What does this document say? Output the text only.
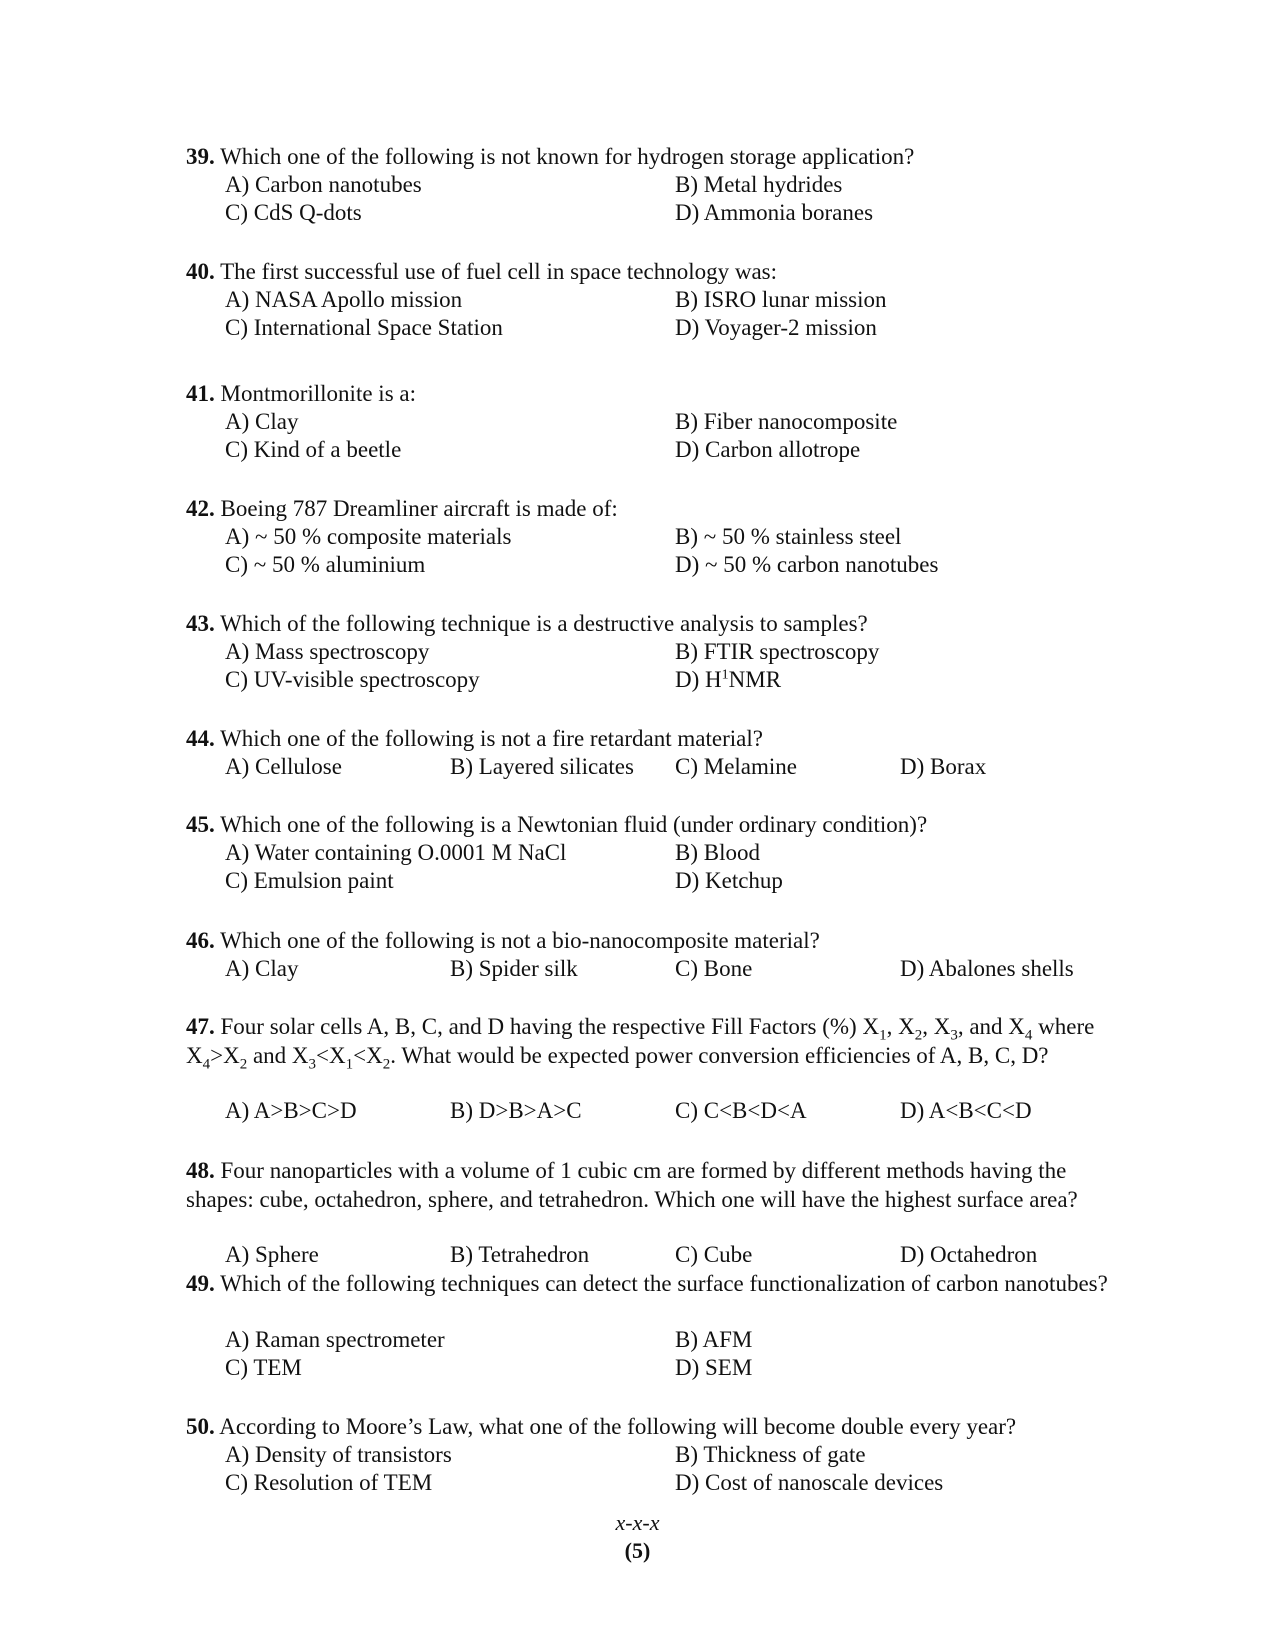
39. Which one of the following is not known for hydrogen storage application?
A) Carbon nanotubes	B) Metal hydrides
C) CdS Q-dots	D) Ammonia boranes
40. The first successful use of fuel cell in space technology was:
A) NASA Apollo mission	B) ISRO lunar mission
C) International Space Station	D) Voyager-2 mission
41. Montmorillonite is a:
A) Clay	B) Fiber nanocomposite
C) Kind of a beetle	D) Carbon allotrope
42. Boeing 787 Dreamliner aircraft is made of:
A) ~ 50 % composite materials	B) ~ 50 % stainless steel
C) ~ 50 % aluminium	D) ~ 50 % carbon nanotubes
43. Which of the following technique is a destructive analysis to samples?
A) Mass spectroscopy	B) FTIR spectroscopy
C) UV-visible spectroscopy	D) $H^1NMR$
44. Which one of the following is not a fire retardant material?
A) Cellulose	B) Layered silicates C) Melamine	D) Borax
45. Which one of the following is a Newtonian fluid (under ordinary condition)?
A) Water containing O.0001 M NaCl	B) Blood
C) Emulsion paint	D) Ketchup
46. Which one of the following is not a bio-nanocomposite material?
A) Clay	B) Spider silk	C) Bone	D) Abalones shells
47. Four solar cells A, B, C, and D having the respective Fill Factors (%) $X_1$, $X_2$, $X_3$, and $X_4$ where $X_4>X_2$ and $X_3<X_1<X_2$. What would be expected power conversion efficiencies of A, B, C, D?
A) A>B>C>D	B) D>B>A>C	C) C<B<D<A	D) A<B<C<D
48. Four nanoparticles with a volume of 1 cubic cm are formed by different methods having the shapes: cube, octahedron, sphere, and tetrahedron. Which one will have the highest surface area?
A) Sphere	B) Tetrahedron	C) Cube	D) Octahedron
49. Which of the following techniques can detect the surface functionalization of carbon nanotubes?
A) Raman spectrometer	B) AFM
C) TEM	D) SEM
50. According to Moore’s Law, what one of the following will become double every year?
A) Density of transistors	B) Thickness of gate
C) Resolution of TEM	D) Cost of nanoscale devices
x-x-x
(5)
